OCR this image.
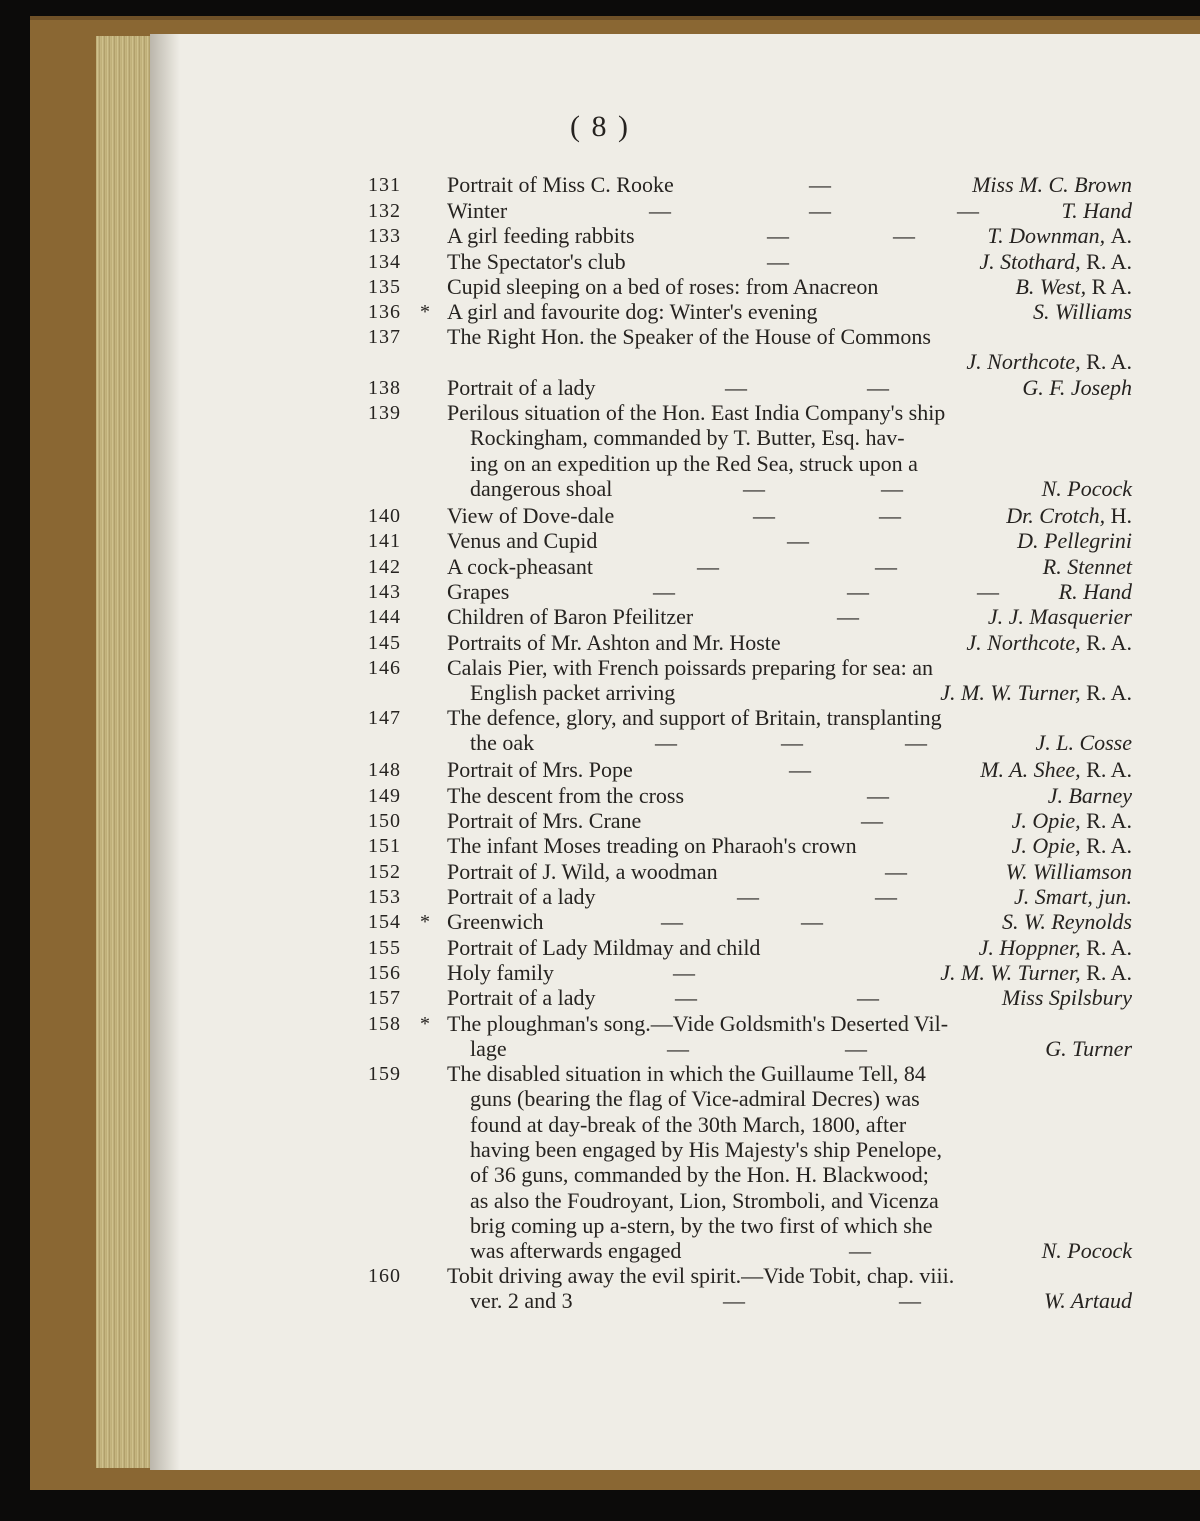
( 8 )
131	Portrait of Miss C. Rooke	—	Miss M. C. Brown
132	Winter	—	—	—	T. Hand
133	A girl feeding rabbits	—	—	T. Downman, A.
134	The Spectator's club	—	J. Stothard, R. A.
135	Cupid sleeping on a bed of roses: from Anacreon	B. West, R A.
136 * A girl and favourite dog: Winter's evening	S. Williams
137	The Right Hon. the Speaker of the House of Commons
J. Northcote, R. A.
138	Portrait of a lady	—	—	G. F. Joseph
139	Perilous situation of the Hon. East India Company's ship
Rockingham, commanded by T. Butter, Esq. hav-
ing on an expedition up the Red Sea, struck upon a
dangerous shoal	—	—	N. Pocock
140	View of Dove-dale	—	—	Dr. Crotch, H.
141	Venus and Cupid	—	D. Pellegrini
142	A cock-pheasant	—	—	R. Stennet
143	Grapes	—	—	—	R. Hand
144	Children of Baron Pfeilitzer	—	J. J. Masquerier
145	Portraits of Mr. Ashton and Mr. Hoste	J. Northcote, R. A.
146	Calais Pier, with French poissards preparing for sea: an
English packet arriving	J. M. W. Turner, R. A.
147	The defence, glory, and support of Britain, transplanting
the oak	—	—	—	J. L. Cosse
148	Portrait of Mrs. Pope	—	M. A. Shee, R. A.
149	The descent from the cross	—	J. Barney
150	Portrait of Mrs. Crane	—	J. Opie, R. A.
151	The infant Moses treading on Pharaoh's crown	J. Opie, R. A.
152	Portrait of J. Wild, a woodman	—	W. Williamson
153	Portrait of a lady	—	—	J. Smart, jun.
154 * Greenwich	—	—	S. W. Reynolds
155	Portrait of Lady Mildmay and child	J. Hoppner, R. A.
156	Holy family	—	J. M. W. Turner, R. A.
157	Portrait of a lady	—	—	Miss Spilsbury
158 * The ploughman's song.—Vide Goldsmith's Deserted Vil-
lage	—	—	G. Turner
159	The disabled situation in which the Guillaume Tell, 84
guns (bearing the flag of Vice-admiral Decres) was
found at day-break of the 30th March, 1800, after
having been engaged by His Majesty's ship Penelope,
of 36 guns, commanded by the Hon. H. Blackwood;
as also the Foudroyant, Lion, Stromboli, and Vicenza
brig coming up a-stern, by the two first of which she
was afterwards engaged	—	N. Pocock
160	Tobit driving away the evil spirit.—Vide Tobit, chap. viii.
ver. 2 and 3	—	—	W. Artaud
